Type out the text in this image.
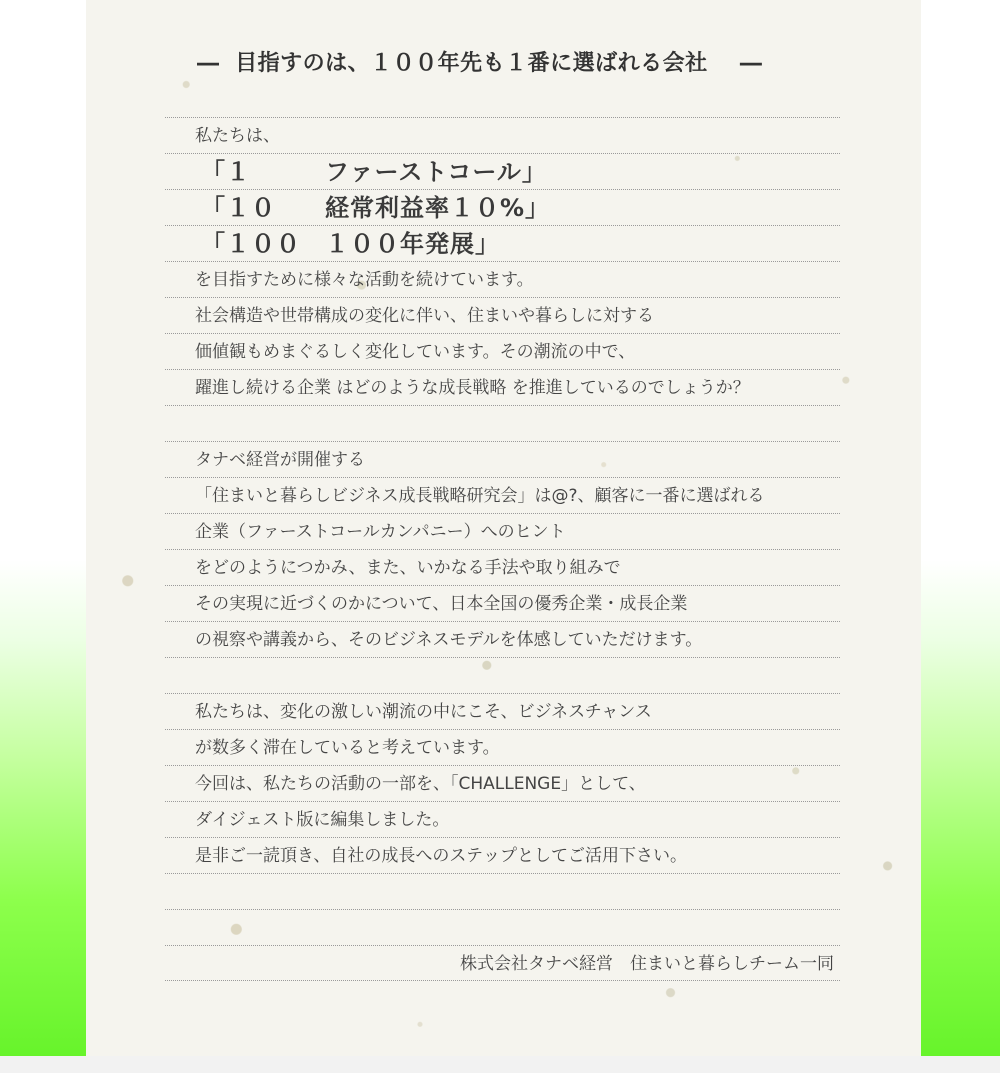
― 目指すのは、１００年先も１番に選ばれる会社 ―
私たちは、
「１	ファーストコール」
「１０ 経常利益率１０%」
「１００ １００年発展」
を目指すために様々な活動を続けています。
社会構造や世帯構成の変化に伴い、住まいや暮らしに対する
価値観もめまぐるしく変化しています。その潮流の中で、
躍進し続ける企業 はどのような成長戦略 を推進しているのでしょうか？
タナベ経営が開催する
「住まいと暮らしビジネス成長戦略研究会」は@?、顧客に一番に選ばれる
企業（ファーストコールカンパニー）へのヒント
をどのようにつかみ、また、いかなる手法や取り組みで
その実現に近づくのかについて、日本全国の優秀企業・成長企業
の視察や講義から、そのビジネスモデルを体感していただけます。
私たちは、変化の激しい潮流の中にこそ、ビジネスチャンス
が数多く滞在していると考えています。
今回は、私たちの活動の一部を、「CHALLENGE」として、
ダイジェスト版に編集しました。
是非ご一読頂き、自社の成長へのステップとしてご活用下さい。
株式会社タナベ経営　住まいと暮らしチーム一同
